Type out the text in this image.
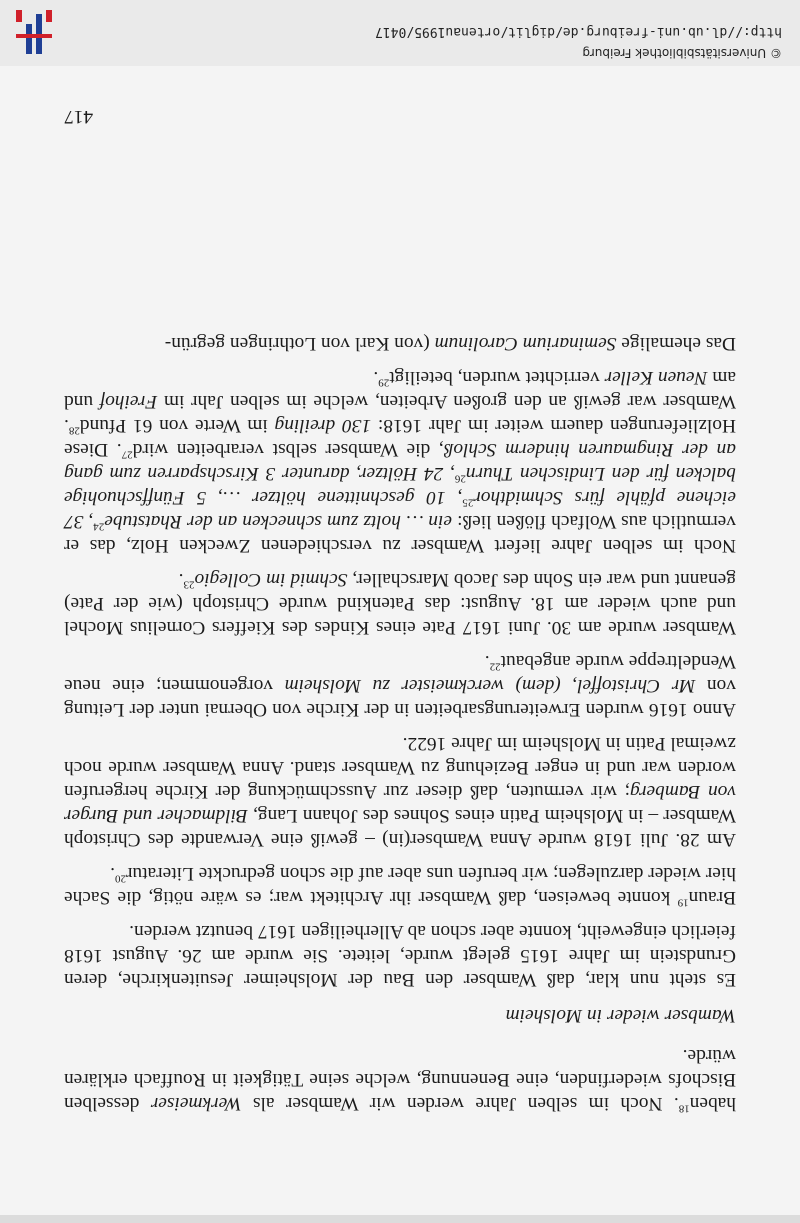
haben$^{18}$. Noch im selben Jahre werden wir Wambser als Werkmeiser desselben Bischofs wiederfinden, eine Benennung, welche seine Tätigkeit in Rouffach erklären würde.

Wambser wieder in Molsheim

Es steht nun klar, daß Wambser den Bau der Molsheimer Jesuitenkirche, deren Grundstein im Jahre 1615 gelegt wurde, leitete. Sie wurde am 26. August 1618 feierlich eingeweiht, konnte aber schon ab Allerheiligen 1617 benutzt werden.

Braun$^{19}$ konnte beweisen, daß Wambser ihr Architekt war; es wäre nötig, die Sache hier wieder darzulegen; wir berufen uns aber auf die schon gedruckte Literatur$^{20}$.

Am 28. Juli 1618 wurde Anna Wambser(in) – gewiß eine Verwandte des Christoph Wambser – in Molsheim Patin eines Sohnes des Johann Lang, Bildmacher und Burger von Bamberg; wir vermuten, daß dieser zur Ausschmückung der Kirche hergerufen worden war und in enger Beziehung zu Wambser stand. Anna Wambser wurde noch zweimal Patin in Molsheim im Jahre 1622.

Anno 1616 wurden Erweiterungsarbeiten in der Kirche von Obernai unter der Leitung von Mr Christoffel, (dem) werckmeister zu Molsheim vorgenommen; eine neue Wendeltreppe wurde angebaut$^{22}$.

Wambser wurde am 30. Juni 1617 Pate eines Kindes des Kieffers Cornelius Mochel und auch wieder am 18. August: das Patenkind wurde Christoph (wie der Pate) genannt und war ein Sohn des Jacob Marschaller, Schmid im Collegio$^{23}$.

Noch im selben Jahre liefert Wambser zu verschiedenen Zwecken Holz, das er vermutlich aus Wolfach flößen ließ: ein … holtz zum schnecken an der Rhatstube$^{24}$, 37 eichene pfähle fürs Schmidthor$^{25}$, 10 geschnittene höltzer …, 5 Fünffschuohige balcken für den Lindischen Thurn$^{26}$, 24 Höltzer, darunter 3 Kirschsparren zum gang an der Ringmauren hinderm Schloß, die Wambser selbst verarbeiten wird$^{27}$. Diese Holzlieferungen dauern weiter im Jahr 1618: 130 dreiling im Werte von 61 Pfund$^{28}$. Wambser war gewiß an den großen Arbeiten, welche im selben Jahr im Freihof und am Neuen Keller verrichtet wurden, beteiligt$^{29}$.

Das ehemalige Seminarium Carolinum (von Karl von Lothringen gegrün-

417
http://dl.ub.uni-freiburg.de/diglit/ortenau1995/0417
© Universitätsbibliothek Freiburg
